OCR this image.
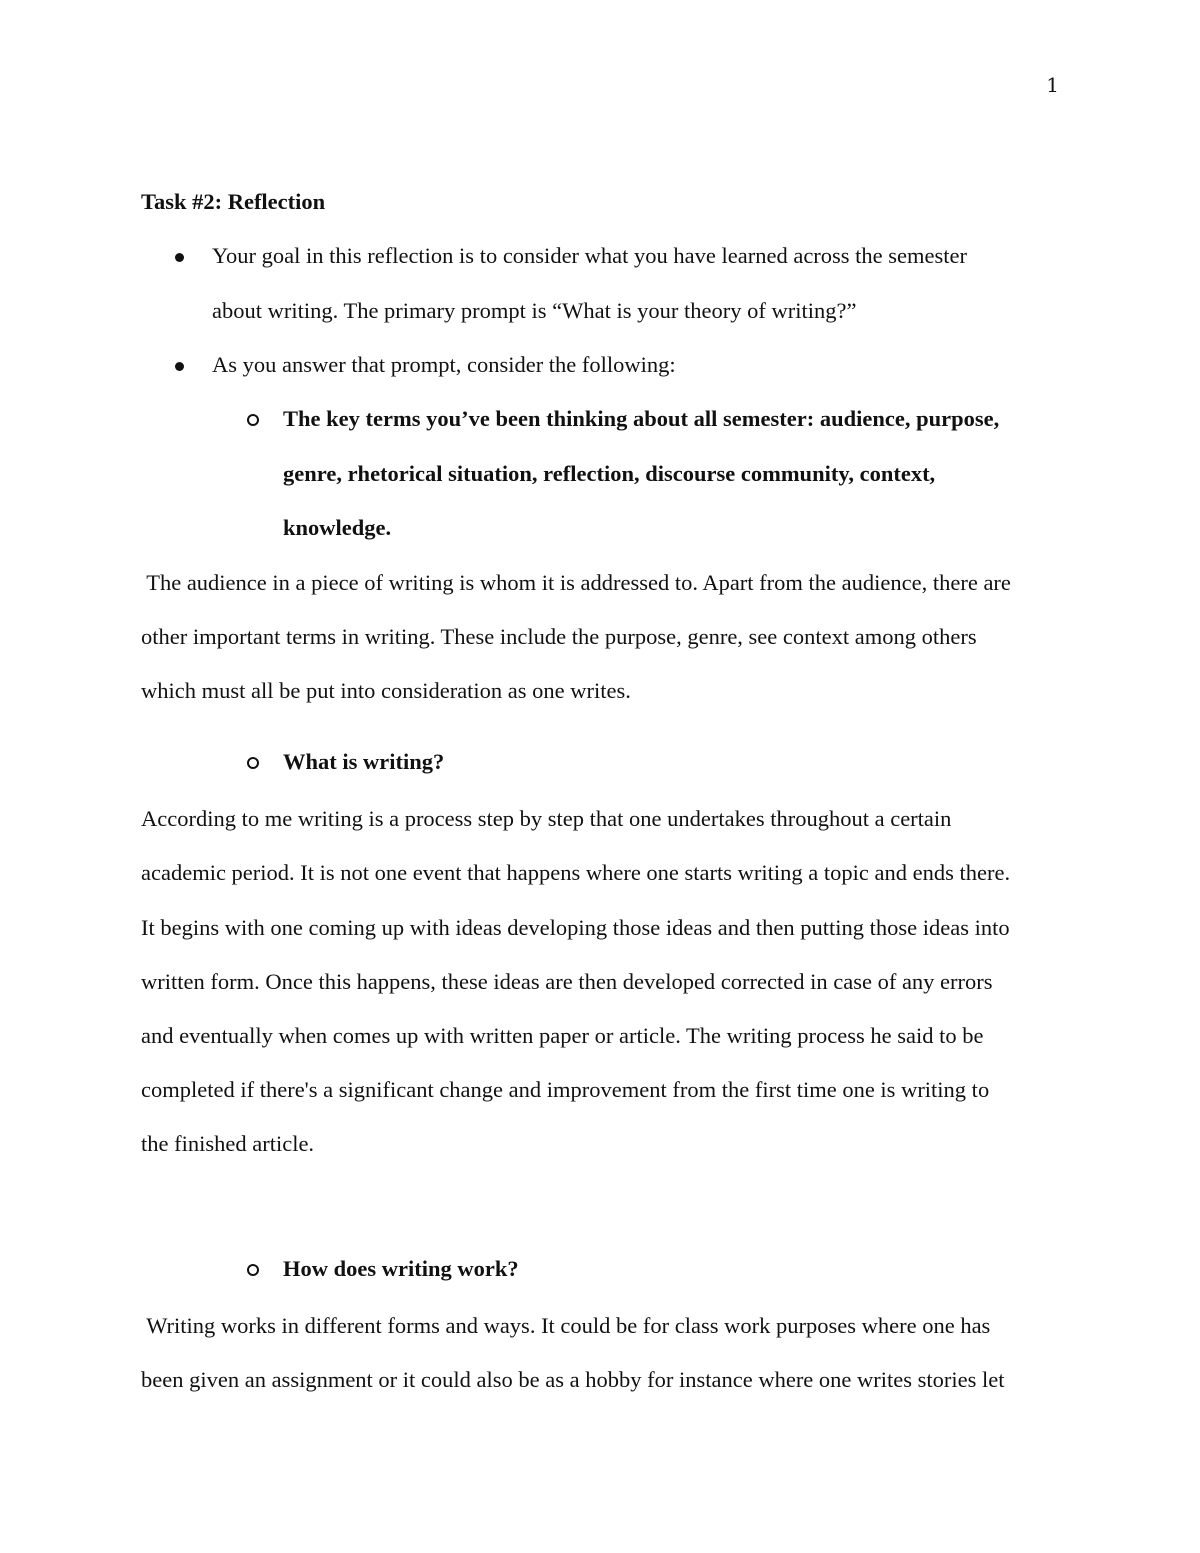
1
Task #2: Reflection
Your goal in this reflection is to consider what you have learned across the semester
about writing. The primary prompt is “What is your theory of writing?”
As you answer that prompt, consider the following:
The key terms you’ve been thinking about all semester: audience, purpose,
genre, rhetorical situation, reflection, discourse community, context,
knowledge.
The audience in a piece of writing is whom it is addressed to. Apart from the audience, there are
other important terms in writing. These include the purpose, genre, see context among others
which must all be put into consideration as one writes.
What is writing?
According to me writing is a process step by step that one undertakes throughout a certain
academic period. It is not one event that happens where one starts writing a topic and ends there.
It begins with one coming up with ideas developing those ideas and then putting those ideas into
written form. Once this happens, these ideas are then developed corrected in case of any errors
and eventually when comes up with written paper or article. The writing process he said to be
completed if there's a significant change and improvement from the first time one is writing to
the finished article.
How does writing work?
Writing works in different forms and ways. It could be for class work purposes where one has
been given an assignment or it could also be as a hobby for instance where one writes stories let
